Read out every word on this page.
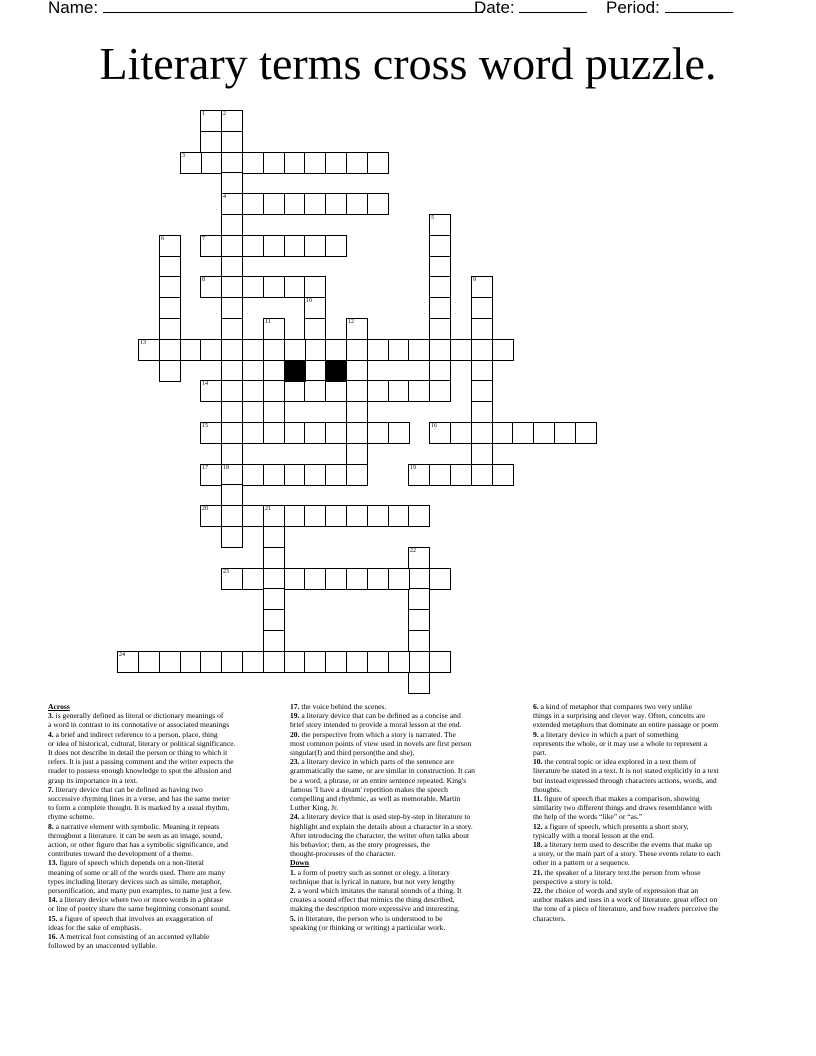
Name:	Date:	Period:
Literary terms cross word puzzle.
1	2
4
18
3
5
6	7
8	9
10
11	12
13
14
15	16
17	19
20	21
22
23
24

Across

3. is generally defined as literal or dictionary meanings of
a word in contrast to its connotative or associated meanings

4. a brief and indirect reference to a person, place, thing
or idea of historical, cultural, literary or political significance.
It does not describe in detail the person or thing to which it
refers. It is just a passing comment and the writer expects the
reader to possess enough knowledge to spot the allusion and
grasp its importance in a text.

7. literary device that can be defined as having two
successive rhyming lines in a verse, and has the same meter
to form a complete thought. It is marked by a usual rhythm,
rhyme scheme.

8. a narrative element with symbolic. Meaning it repeats
throughout a literature. it can be seen as an image, sound,
action, or other figure that has a symbolic significance, and
contributes toward the development of a theme.

13. figure of speech which depends on a non-literal
meaning of some or all of the words used. There are many
types including literary devices such as simile, metaphor,
personification, and many pun examples, to name just a few.

14. a literary device where two or more words in a phrase
or line of poetry share the same beginning consonant sound.

15. a figure of speech that involves an exaggeration of
ideas for the sake of emphasis.

16. A metrical foot consisting of an accented syllable
followed by an unaccented syllable.

17. the voice behind the scenes.

19. a literary device that can be defined as a concise and
brief story intended to provide a moral lesson at the end.

20. the perspective from which a story is narrated. The
most common points of view used in novels are first person
singular(I) and third person(the and she).

23. a literary device in which parts of the sentence are
grammatically the same, or are similar in construction. It can
be a word, a phrase, or an entire sentence repeated. King's
famous 'I have a dream' repetition makes the speech
compelling and rhythmic, as well as memorable. Martin
Luther King, Jr.

24. a literary device that is used step-by-step in literature to
highlight and explain the details about a character in a story.
After introducing the character, the writer often talks about
his behavior; then, as the story progresses, the
thought-processes of the character.

Down

1. a form of poetry such as sonnet or elegy. a literary
technique that is lyrical in nature, but not very lengthy

2. a word which imitates the natural sounds of a thing. It
creates a sound effect that mimics the thing described,
making the description more expressive and interesting.

5. in literature, the person who is understood to be
speaking (or thinking or writing) a particular work.

6. a kind of metaphor that compares two very unlike
things in a surprising and clever way. Often, conceits are
extended metaphors that dominate an entire passage or poem

9. a literary device in which a part of something
represents the whole, or it may use a whole to represent a
part.

10. the central topic or idea explored in a text them of
literature be stated in a text. It is not stated explicitly in a text
but instead expressed through characters actions, words, and
thoughts.

11. figure of speech that makes a comparison, showing
similarity two different things and draws resemblance with
the help of the words “like” or “as.”

12. a figure of speech, which presents a short story,
typically with a moral lesson at the end.

18. a literary term used to describe the events that make up
a story, or the main part of a story. These events relate to each
other in a pattern or a sequence.

21. the speaker of a literary text.the person from whose
perspective a story is told.

22. the choice of words and style of expression that an
author makes and uses in a work of literature. great effect on
the tone of a piece of literature, and how readers perceive the
characters.
